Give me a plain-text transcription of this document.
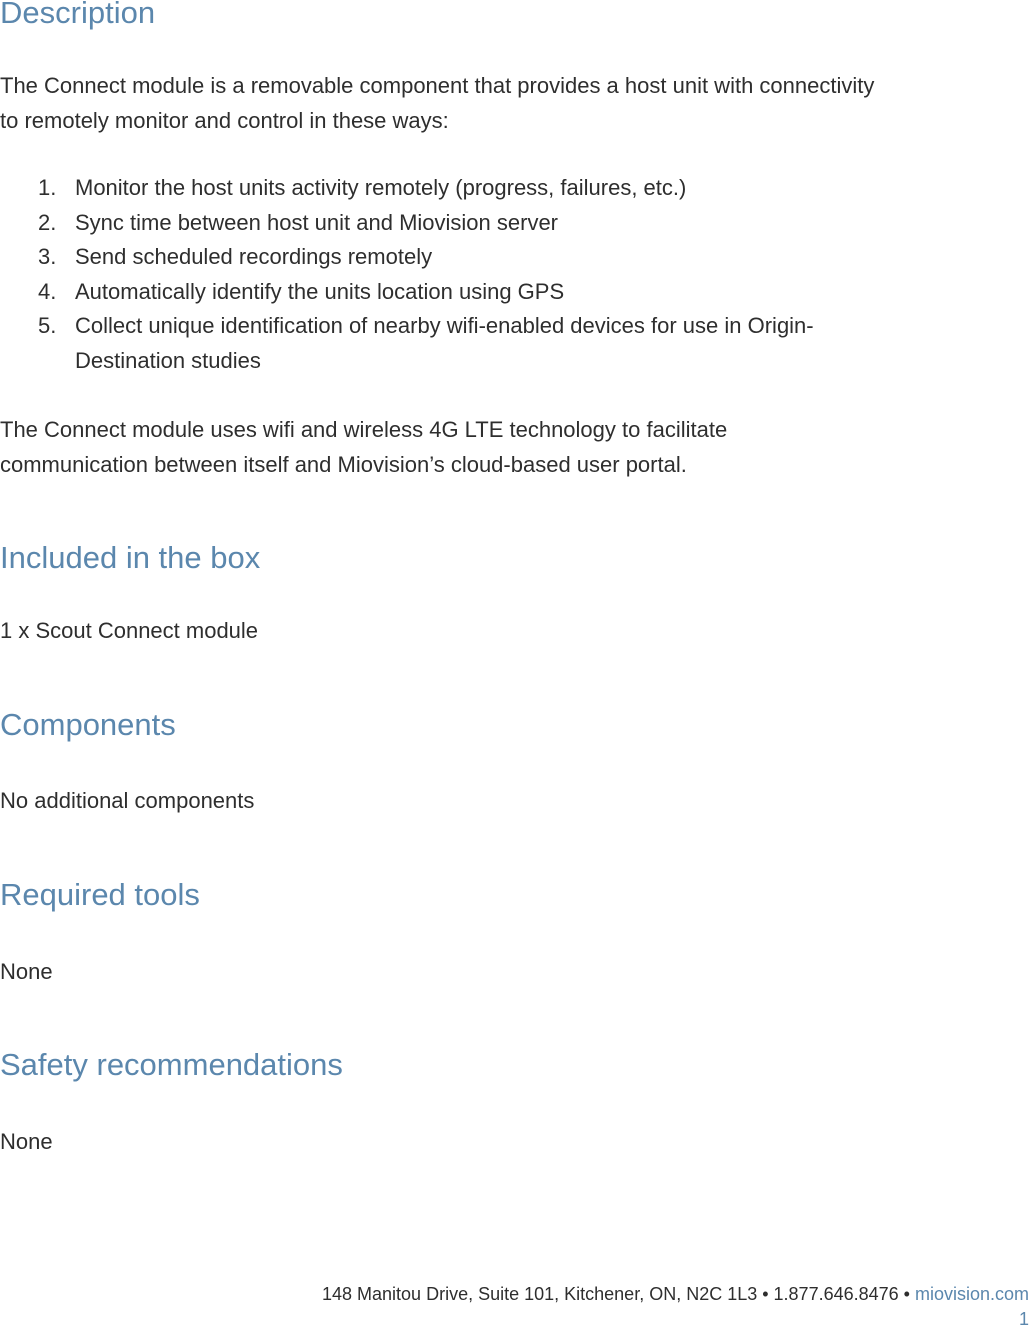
Description

The Connect module is a removable component that provides a host unit with connectivity to remotely monitor and control in these ways:

1. Monitor the host units activity remotely (progress, failures, etc.)
2. Sync time between host unit and Miovision server
3. Send scheduled recordings remotely
4. Automatically identify the units location using GPS
5. Collect unique identification of nearby wifi-enabled devices for use in Origin-Destination studies

The Connect module uses wifi and wireless 4G LTE technology to facilitate communication between itself and Miovision’s cloud-based user portal.

Included in the box

1 x Scout Connect module

Components

No additional components

Required tools

None

Safety recommendations

None

148 Manitou Drive, Suite 101, Kitchener, ON, N2C 1L3 • 1.877.646.8476 • miovision.com
1
